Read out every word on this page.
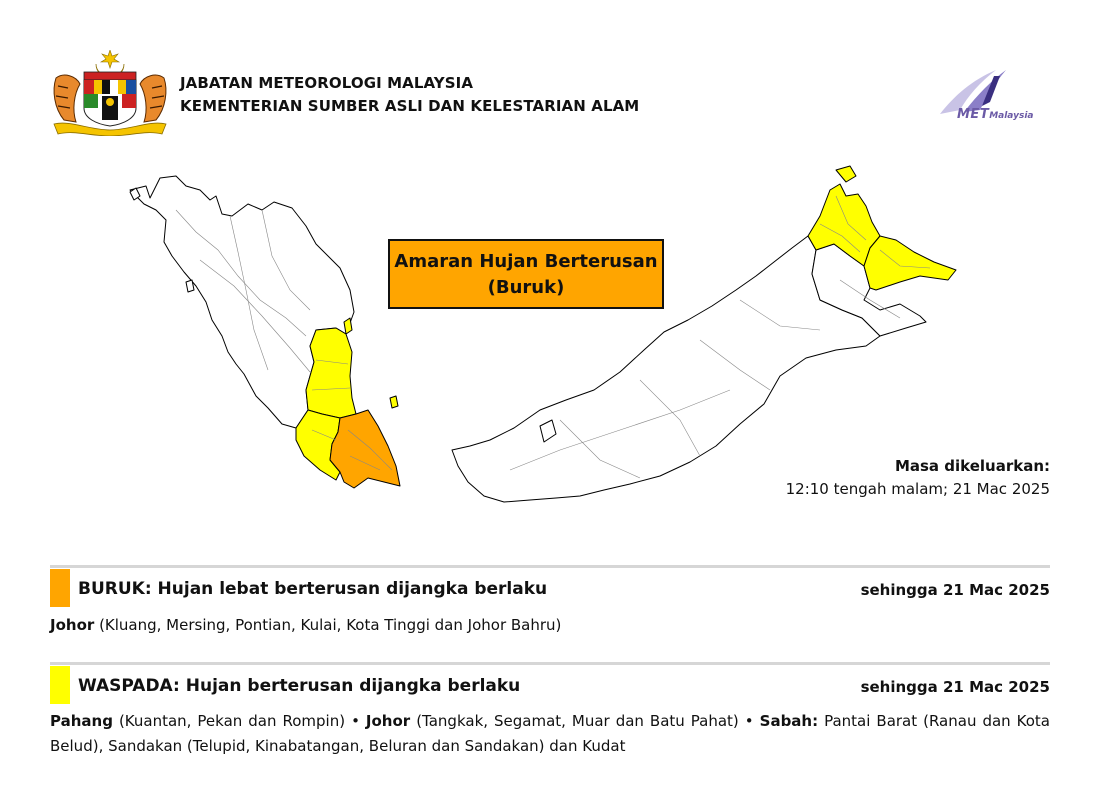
JABATAN METEOROLOGI MALAYSIA
KEMENTERIAN SUMBER ASLI DAN KELESTARIAN ALAM	METMalaysia
Amaran Hujan Berterusan
(Buruk)
Masa dikeluarkan:
12:10 tengah malam; 21 Mac 2025
BURUK: Hujan lebat berterusan dijangka berlaku	sehingga 21 Mac 2025
Johor (Kluang, Mersing, Pontian, Kulai, Kota Tinggi dan Johor Bahru)
WASPADA: Hujan berterusan dijangka berlaku	sehingga 21 Mac 2025
Pahang (Kuantan, Pekan dan Rompin) • Johor (Tangkak, Segamat, Muar dan Batu Pahat) • Sabah: Pantai Barat (Ranau dan Kota Belud), Sandakan (Telupid, Kinabatangan, Beluran dan Sandakan) dan Kudat
